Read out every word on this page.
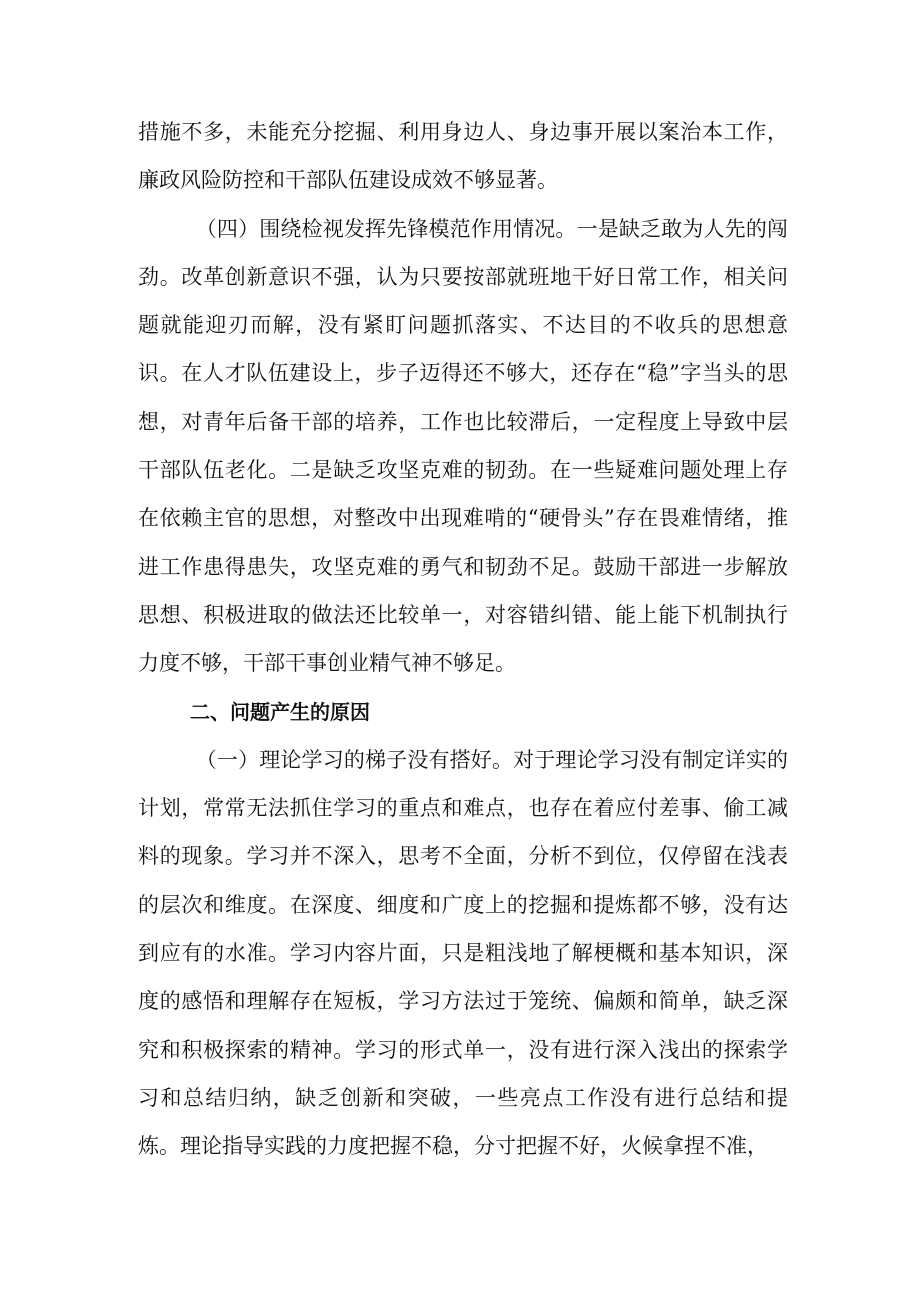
措施不多，未能充分挖掘、利用身边人、身边事开展以案治本工作，廉政风险防控和干部队伍建设成效不够显著。

（四）围绕检视发挥先锋模范作用情况。一是缺乏敢为人先的闯劲。改革创新意识不强，认为只要按部就班地干好日常工作，相关问题就能迎刃而解，没有紧盯问题抓落实、不达目的不收兵的思想意识。在人才队伍建设上，步子迈得还不够大，还存在“稳”字当头的思想，对青年后备干部的培养，工作也比较滞后，一定程度上导致中层干部队伍老化。二是缺乏攻坚克难的韧劲。在一些疑难问题处理上存在依赖主官的思想，对整改中出现难啃的“硬骨头”存在畏难情绪，推进工作患得患失，攻坚克难的勇气和韧劲不足。鼓励干部进一步解放思想、积极进取的做法还比较单一，对容错纠错、能上能下机制执行力度不够，干部干事创业精气神不够足。

二、问题产生的原因

（一）理论学习的梯子没有搭好。对于理论学习没有制定详实的计划，常常无法抓住学习的重点和难点，也存在着应付差事、偷工减料的现象。学习并不深入，思考不全面，分析不到位，仅停留在浅表的层次和维度。在深度、细度和广度上的挖掘和提炼都不够，没有达到应有的水准。学习内容片面，只是粗浅地了解梗概和基本知识，深度的感悟和理解存在短板，学习方法过于笼统、偏颇和简单，缺乏深究和积极探索的精神。学习的形式单一，没有进行深入浅出的探索学习和总结归纳，缺乏创新和突破，一些亮点工作没有进行总结和提炼。理论指导实践的力度把握不稳，分寸把握不好，火候拿捏不准，
